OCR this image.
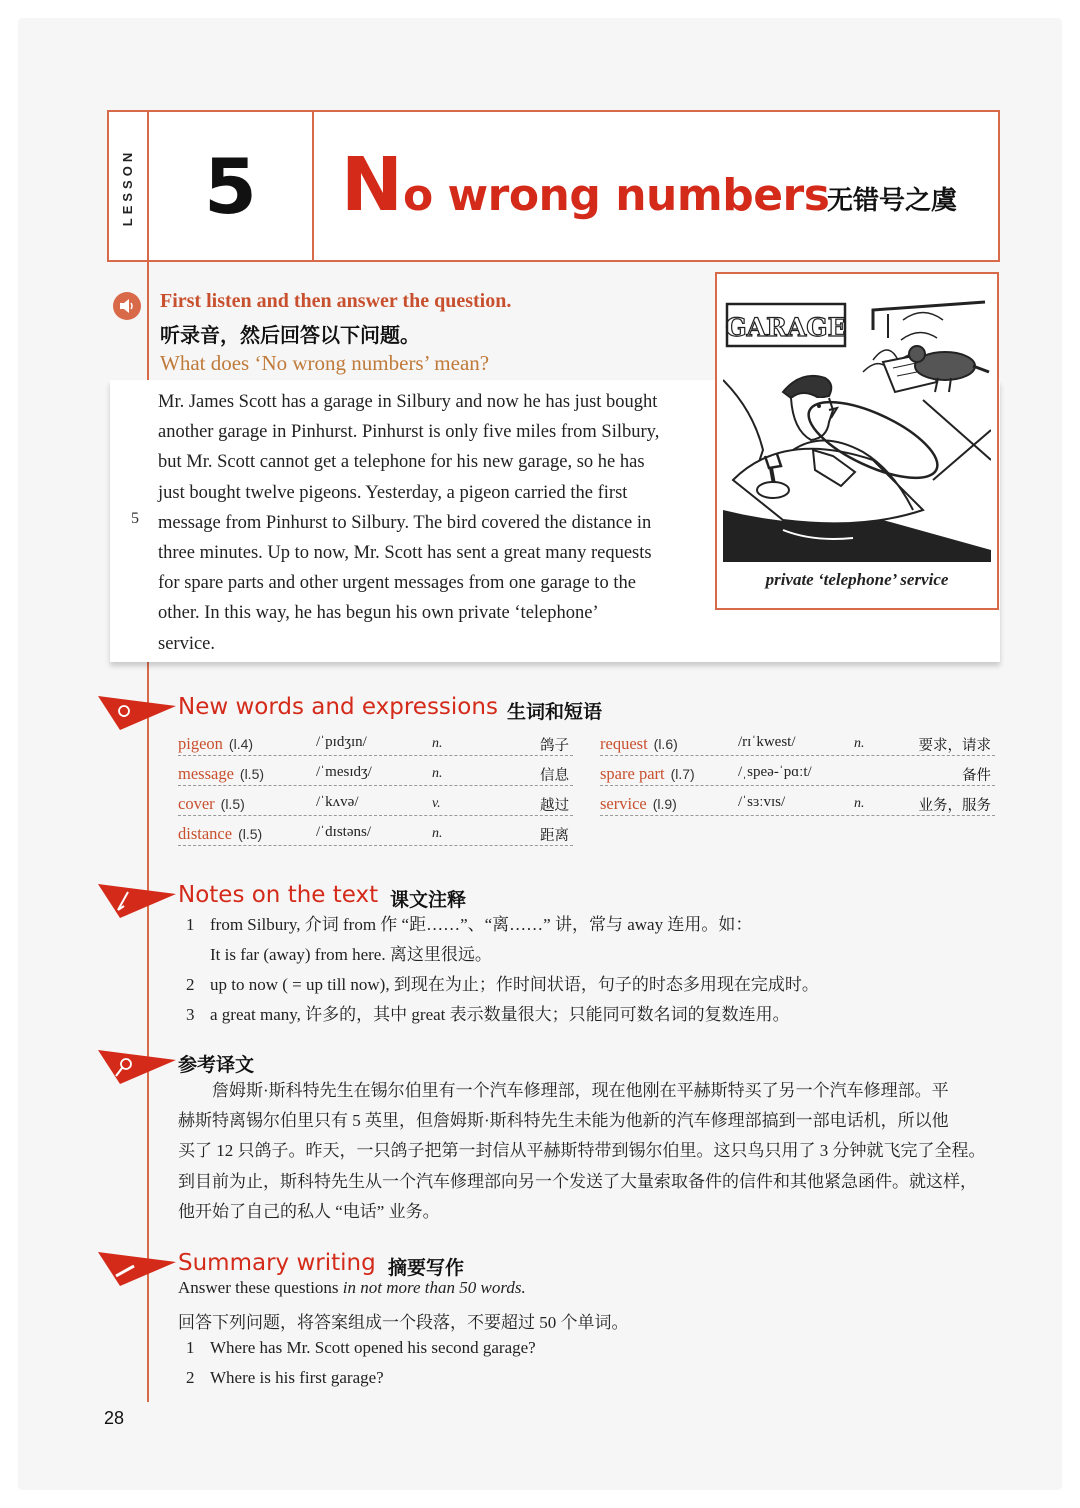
LESSON 5	No wrong numbers
无错号之虞
First listen and then answer the question.
听录音，然后回答以下问题。
What does ‘No wrong numbers’ mean?
Mr. James Scott has a garage in Silbury and now he has just bought
another garage in Pinhurst. Pinhurst is only five miles from Silbury,
but Mr. Scott cannot get a telephone for his new garage, so he has
just bought twelve pigeons. Yesterday, a pigeon carried the first
message from Pinhurst to Silbury. The bird covered the distance in
three minutes. Up to now, Mr. Scott has sent a great many requests
for spare parts and other urgent messages from one garage to the
other. In this way, he has begun his own private ‘telephone’
service.
5
GARAGE
private ‘telephone’ service
New words and expressions 生词和短语
pigeon (l.4)	/ˈpɪdʒɪn/	n.	鸽子
message (l.5)	/ˈmesɪdʒ/	n.	信息
cover (l.5)	/ˈkʌvə/	v.	越过
distance (l.5)	/ˈdɪstəns/	n.	距离
request (l.6)	/rɪˈkwest/	n.	要求，请求
spare part (l.7)	/ˌspeə-ˈpɑːt/	备件
service (l.9)	/ˈsɜːvɪs/	n.	业务，服务
Notes on the text 课文注释
1 from Silbury, 介词 from 作 “距……”、“离……” 讲，常与 away 连用。如：
It is far (away) from here. 离这里很远。
2 up to now ( = up till now), 到现在为止；作时间状语，句子的时态多用现在完成时。
3 a great many, 许多的，其中 great 表示数量很大；只能同可数名词的复数连用。
参考译文
　　詹姆斯·斯科特先生在锡尔伯里有一个汽车修理部，现在他刚在平赫斯特买了另一个汽车修理部。平
赫斯特离锡尔伯里只有 5 英里，但詹姆斯·斯科特先生未能为他新的汽车修理部搞到一部电话机，所以他
买了 12 只鸽子。昨天，一只鸽子把第一封信从平赫斯特带到锡尔伯里。这只鸟只用了 3 分钟就飞完了全程。
到目前为止，斯科特先生从一个汽车修理部向另一个发送了大量索取备件的信件和其他紧急函件。就这样，
他开始了自己的私人 “电话” 业务。
Summary writing 摘要写作
Answer these questions in not more than 50 words.
回答下列问题，将答案组成一个段落，不要超过 50 个单词。
1 Where has Mr. Scott opened his second garage?
2 Where is his first garage?
28
